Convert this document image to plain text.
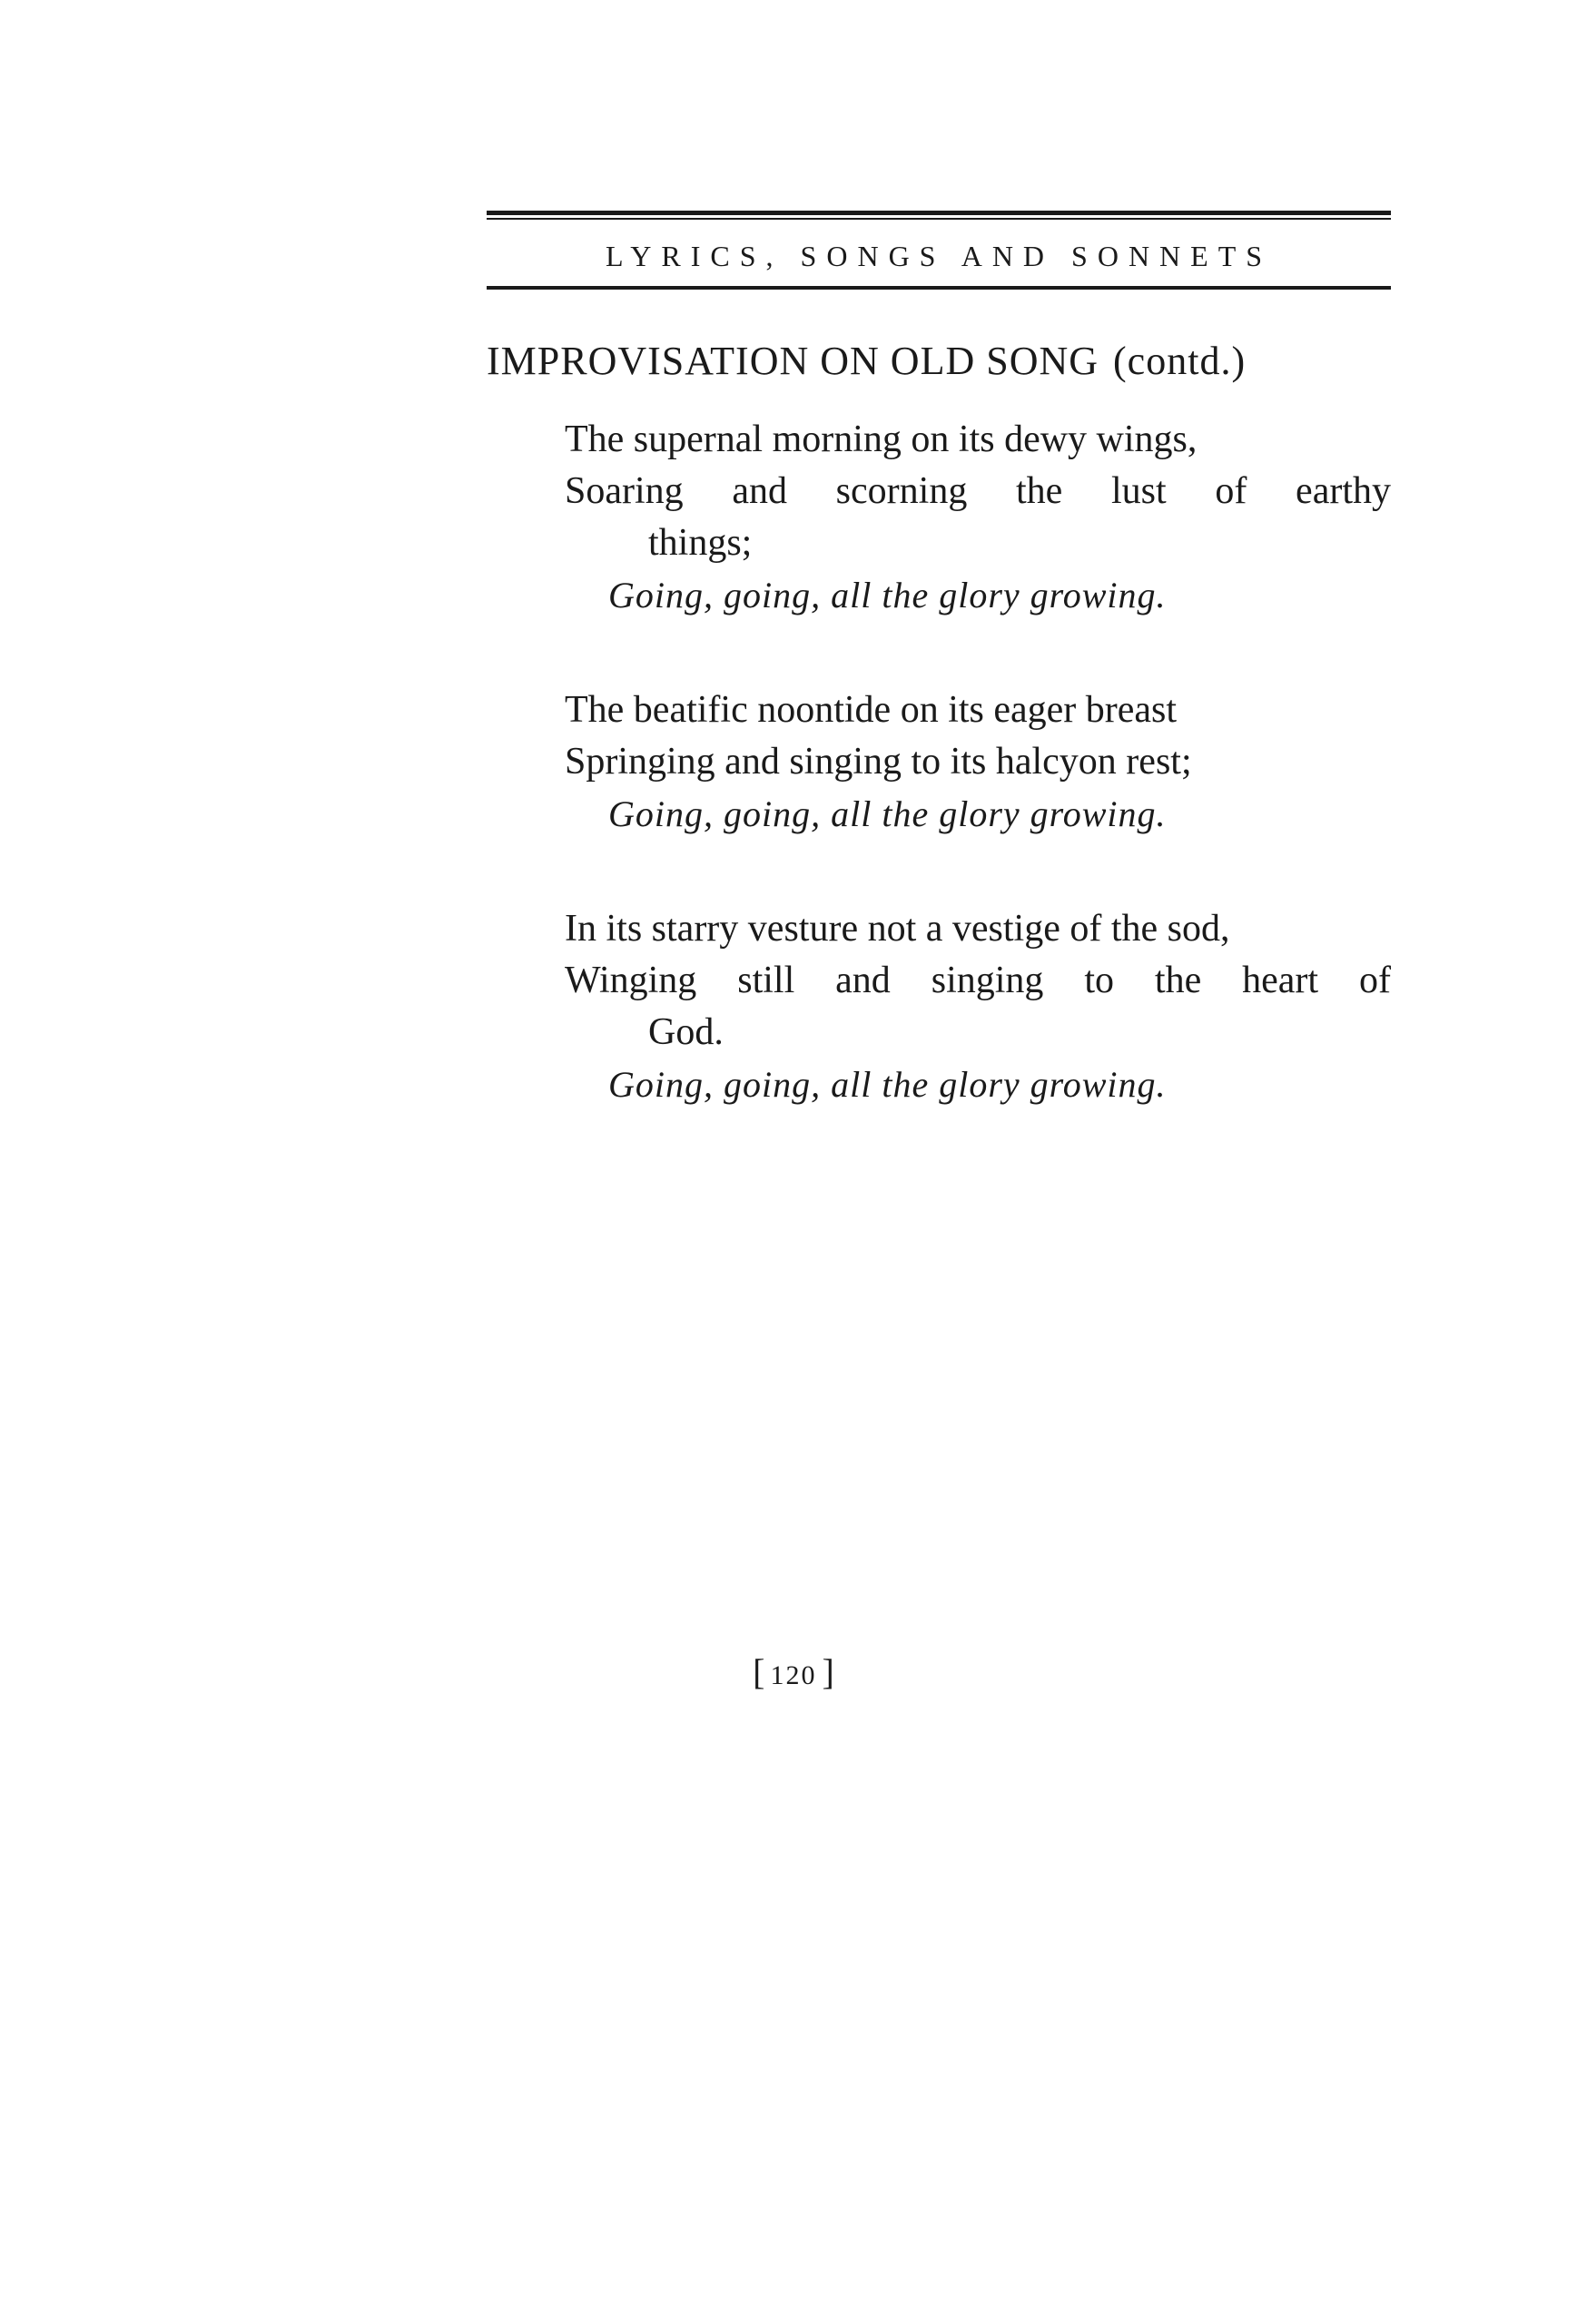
LYRICS, SONGS AND SONNETS
IMPROVISATION ON OLD SONG (contd.)
The supernal morning on its dewy wings,
Soaring and scorning the lust of earthy
things;
Going, going, all the glory growing.
The beatific noontide on its eager breast
Springing and singing to its halcyon rest;
Going, going, all the glory growing.
In its starry vesture not a vestige of the sod,
Winging still and singing to the heart of
God.
Going, going, all the glory growing.
[ 120 ]
